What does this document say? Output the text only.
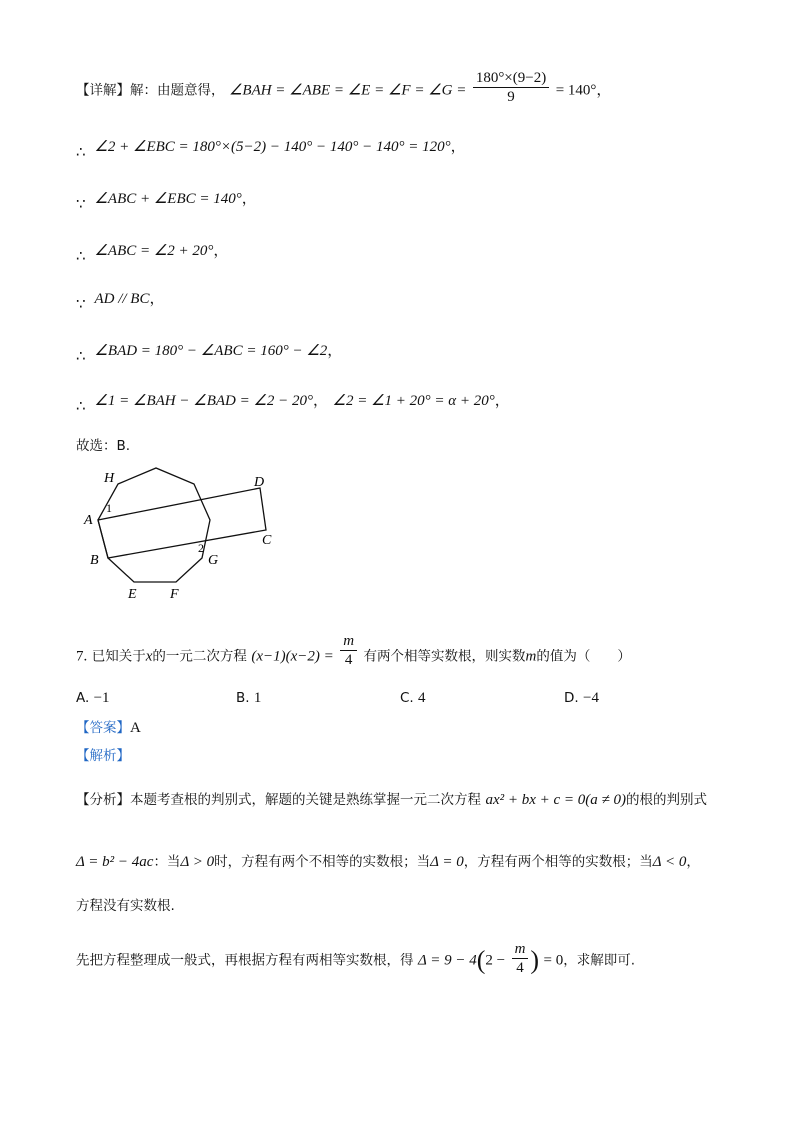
【详解】解：由题意得， ∠BAH = ∠ABE = ∠E = ∠F = ∠G = $\frac{180^\circ\times(9-2)}{9} = 140^\circ$，
∴ ∠2 + ∠EBC = 180°×(5−2) − 140° − 140° − 140° = 120°，
∵ ∠ABC + ∠EBC = 140°，
∴ ∠ABC = ∠2 + 20°，
∵ AD // BC，
∴ ∠BAD = 180° − ∠ABC = 160° − ∠2，
∴ ∠1 = ∠BAH − ∠BAD = ∠2 − 20°， ∠2 = ∠1 + 20° = α + 20°，
故选：B.
H	D
A
1
C
2
B	G
E F
7. 已知关于x的一元二次方程 $(x-1)(x-2) = \frac{m}{4}$ 有两个相等实数根，则实数m的值为（　　）
A. −1	B. 1	C. 4	D. −4
【答案】A
【解析】
【分析】本题考查根的判别式，解题的关键是熟练掌握一元二次方程 ax² + bx + c = 0(a ≠ 0)的根的判别式
Δ = b² − 4ac：当Δ > 0时，方程有两个不相等的实数根；当Δ = 0，方程有两个相等的实数根；当Δ < 0，
方程没有实数根.
先把方程整理成一般式，再根据方程有两相等实数根，得 $\Delta = 9 - 4(2 - \frac{m}{4}$ ) = 0，求解即可.
